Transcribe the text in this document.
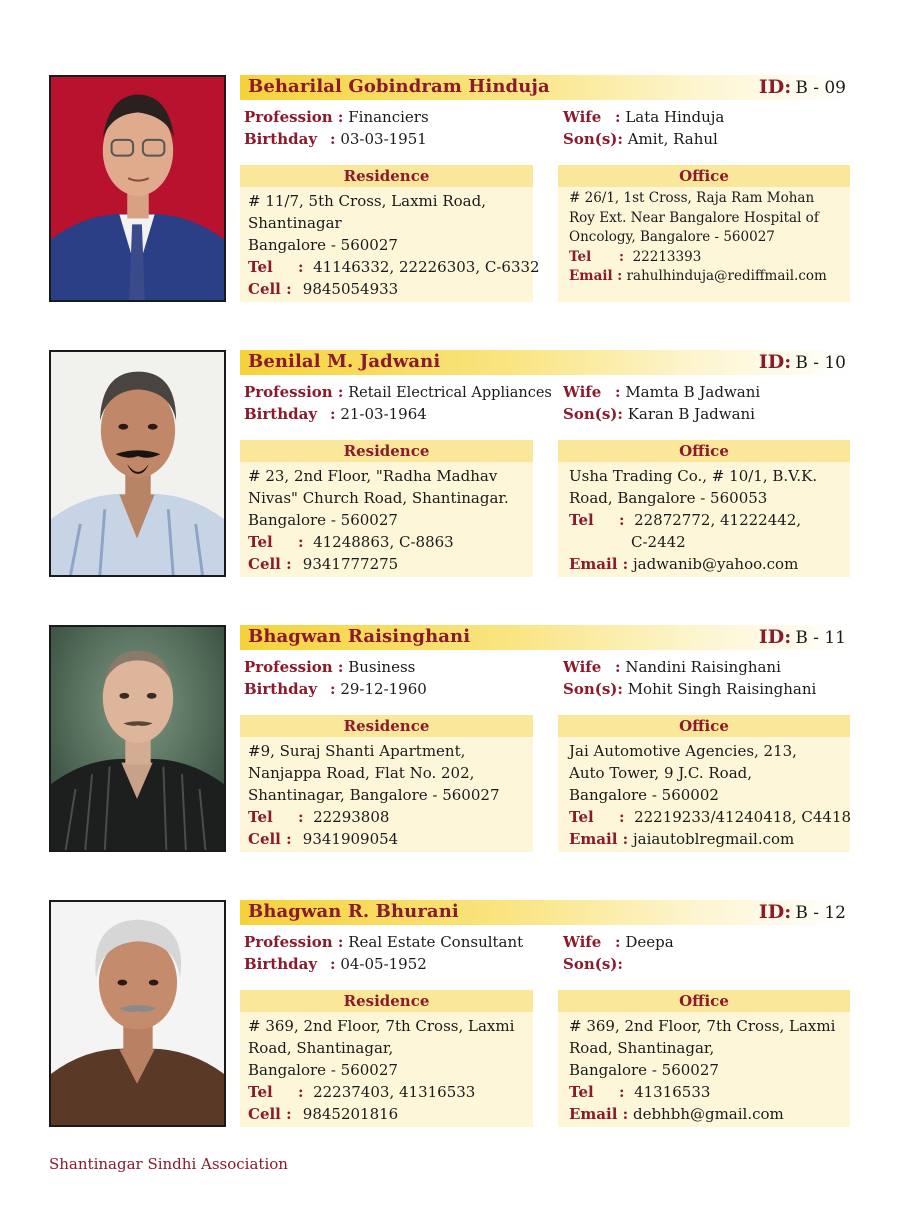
Beharilal Gobindram Hinduja	ID: B - 09
Profession : Financiers
Birthday : 03-03-1951
Wife : Lata Hinduja
Son(s): Amit, Rahul
Residence
# 11/7, 5th Cross, Laxmi Road,
Shantinagar
Bangalore - 560027
Tel : 41146332, 22226303, C-6332
Cell : 9845054933
Office
# 26/1, 1st Cross, Raja Ram Mohan
Roy Ext. Near Bangalore Hospital of
Oncology, Bangalore - 560027
Tel : 22213393
Email : rahulhinduja@rediffmail.com
Benilal M. Jadwani	ID: B - 10
Profession : Retail Electrical Appliances
Birthday : 21-03-1964
Wife : Mamta B Jadwani
Son(s): Karan B Jadwani
Residence
# 23, 2nd Floor, "Radha Madhav
Nivas" Church Road, Shantinagar.
Bangalore - 560027
Tel : 41248863, C-8863
Cell : 9341777275
Office
Usha Trading Co., # 10/1, B.V.K.
Road, Bangalore - 560053
Tel : 22872772, 41222442,
C-2442
Email : jadwanib@yahoo.com
Bhagwan Raisinghani	ID: B - 11
Profession : Business
Birthday : 29-12-1960
Wife : Nandini Raisinghani
Son(s): Mohit Singh Raisinghani
Residence
#9, Suraj Shanti Apartment,
Nanjappa Road, Flat No. 202,
Shantinagar, Bangalore - 560027
Tel : 22293808
Cell : 9341909054
Office
Jai Automotive Agencies, 213,
Auto Tower, 9 J.C. Road,
Bangalore - 560002
Tel : 22219233/41240418, C4418
Email : jaiautoblregmail.com
Bhagwan R. Bhurani	ID: B - 12
Profession : Real Estate Consultant
Birthday : 04-05-1952
Wife : Deepa
Son(s):
Residence
# 369, 2nd Floor, 7th Cross, Laxmi
Road, Shantinagar,
Bangalore - 560027
Tel : 22237403, 41316533
Cell : 9845201816
Office
# 369, 2nd Floor, 7th Cross, Laxmi
Road, Shantinagar,
Bangalore - 560027
Tel : 41316533
Email : debhbh@gmail.com
Shantinagar Sindhi Association
